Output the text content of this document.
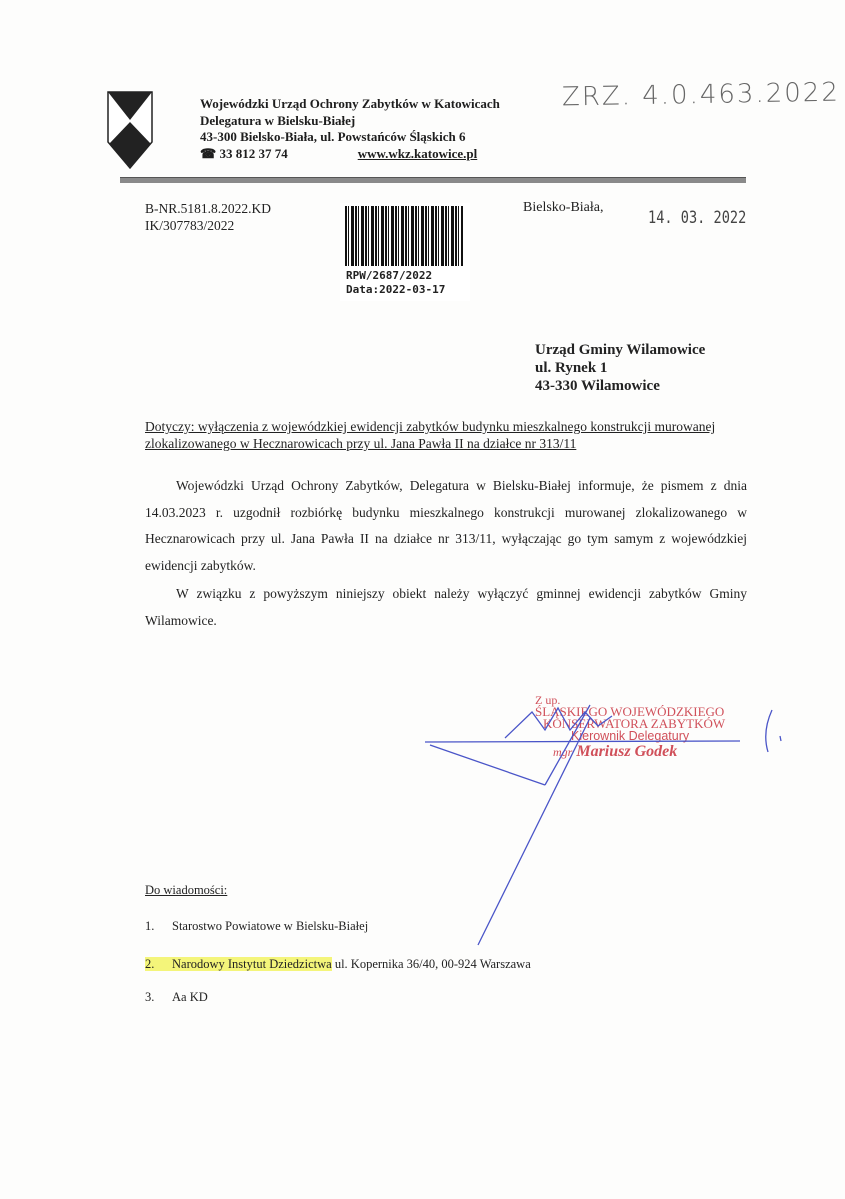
Wojewódzki Urząd Ochrony Zabytków w Katowicach
Delegatura w Bielsku-Białej
43-300 Bielsko-Biała, ul. Powstańców Śląskich 6
☎ 33 812 37 74	www.wkz.katowice.pl
ZRZ. 4.0.463.2022
B-NR.5181.8.2022.KD
IK/307783/2022
RPW/2687/2022
Data:2022-03-17
Bielsko-Biała,
14. 03. 2022
Urząd Gminy Wilamowice
ul. Rynek 1
43-330 Wilamowice
Dotyczy: wyłączenia z wojewódzkiej ewidencji zabytków budynku mieszkalnego konstrukcji murowanej zlokalizowanego w Hecznarowicach przy ul. Jana Pawła II na działce nr 313/11

Wojewódzki Urząd Ochrony Zabytków, Delegatura w Bielsku-Białej informuje, że pismem z dnia 14.03.2023 r. uzgodnił rozbiórkę budynku mieszkalnego konstrukcji murowanej zlokalizowanego w Hecznarowicach przy ul. Jana Pawła II na działce nr 313/11, wyłączając go tym samym z wojewódzkiej ewidencji zabytków.

W związku z powyższym niniejszy obiekt należy wyłączyć gminnej ewidencji zabytków Gminy Wilamowice.

Z up.
ŚLĄSKIEGO WOJEWÓDZKIEGO
KONSERWATORA ZABYTKÓW
Kierownik Delegatury
mgr Mariusz Godek
Do wiadomości:
1. Starostwo Powiatowe w Bielsku-Białej
2. Narodowy Instytut Dziedzictwa ul. Kopernika 36/40, 00-924 Warszawa
3. Aa KD
